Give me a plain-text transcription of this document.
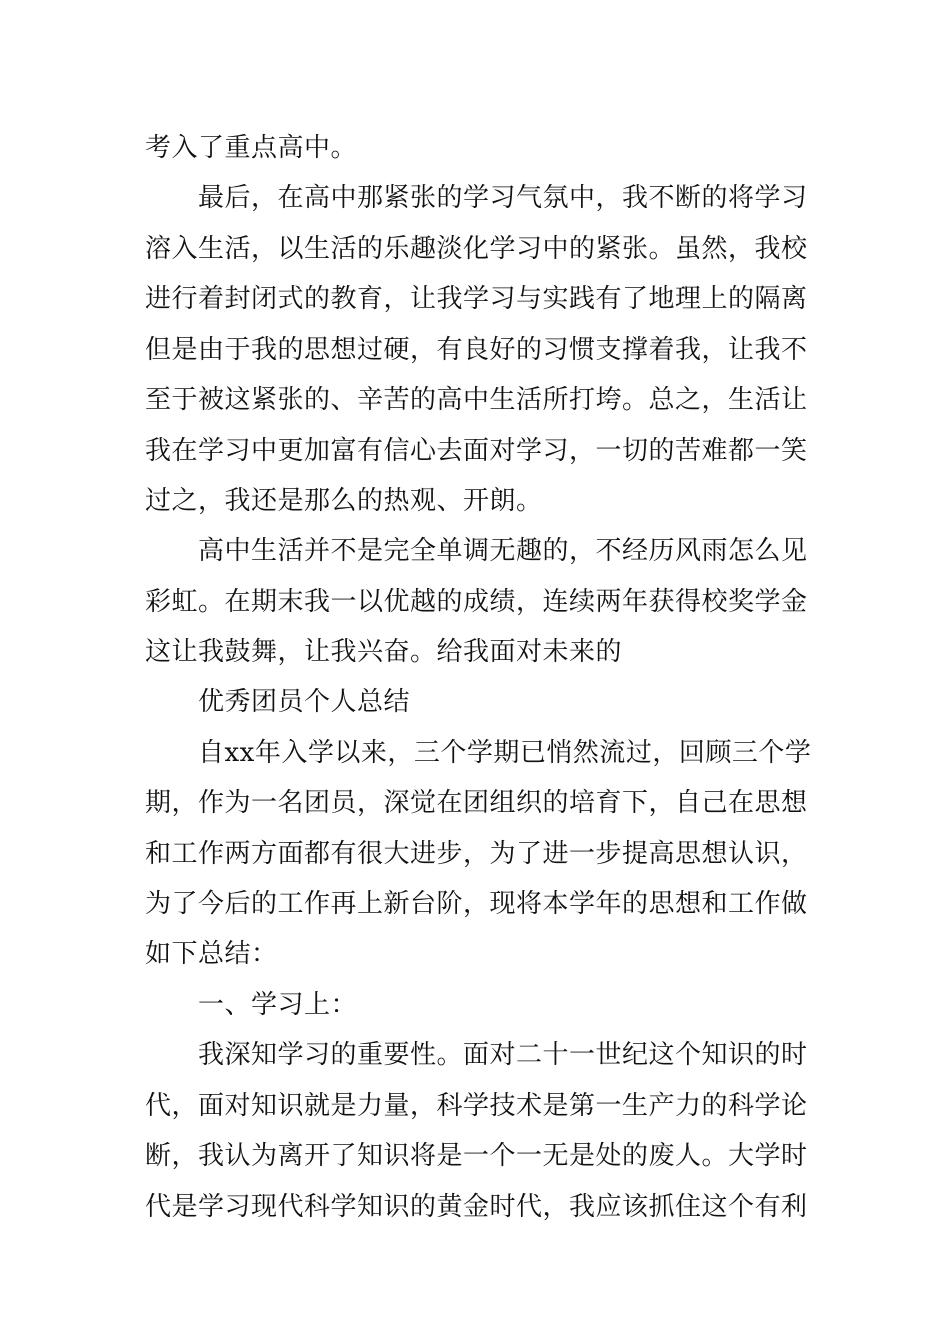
考入了重点高中。
最后，在高中那紧张的学习气氛中，我不断的将学习
溶入生活，以生活的乐趣淡化学习中的紧张。虽然，我校
进行着封闭式的教育，让我学习与实践有了地理上的隔离
但是由于我的思想过硬，有良好的习惯支撑着我，让我不
至于被这紧张的、辛苦的高中生活所打垮。总之，生活让
我在学习中更加富有信心去面对学习，一切的苦难都一笑
过之，我还是那么的热观、开朗。
高中生活并不是完全单调无趣的，不经历风雨怎么见
彩虹。在期末我一以优越的成绩，连续两年获得校奖学金
这让我鼓舞，让我兴奋。给我面对未来的
优秀团员个人总结
自xx年入学以来，三个学期已悄然流过，回顾三个学
期，作为一名团员，深觉在团组织的培育下，自己在思想
和工作两方面都有很大进步，为了进一步提高思想认识，
为了今后的工作再上新台阶，现将本学年的思想和工作做
如下总结：
一、学习上：
我深知学习的重要性。面对二十一世纪这个知识的时
代，面对知识就是力量，科学技术是第一生产力的科学论
断，我认为离开了知识将是一个一无是处的废人。大学时
代是学习现代科学知识的黄金时代，我应该抓住这个有利
